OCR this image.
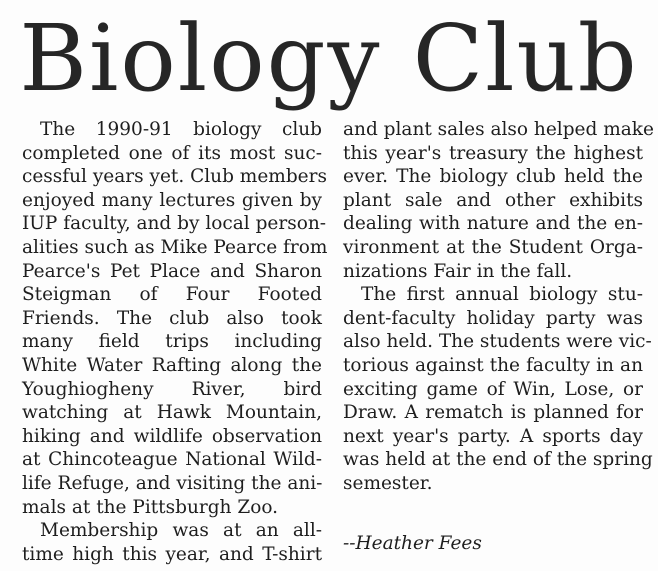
Biology Club
The 1990-91 biology club
completed one of its most suc-
cessful years yet. Club members
enjoyed many lectures given by
IUP faculty, and by local person-
alities such as Mike Pearce from
Pearce's Pet Place and Sharon
Steigman of Four Footed
Friends. The club also took
many field trips including
White Water Rafting along the
Youghiogheny River, bird
watching at Hawk Mountain,
hiking and wildlife observation
at Chincoteague National Wild-
life Refuge, and visiting the ani-
mals at the Pittsburgh Zoo.
Membership was at an all-
time high this year, and T-shirt
and plant sales also helped make
this year's treasury the highest
ever. The biology club held the
plant sale and other exhibits
dealing with nature and the en-
vironment at the Student Orga-
nizations Fair in the fall.
The first annual biology stu-
dent-faculty holiday party was
also held. The students were vic-
torious against the faculty in an
exciting game of Win, Lose, or
Draw. A rematch is planned for
next year's party. A sports day
was held at the end of the spring
semester.
--Heather Fees
